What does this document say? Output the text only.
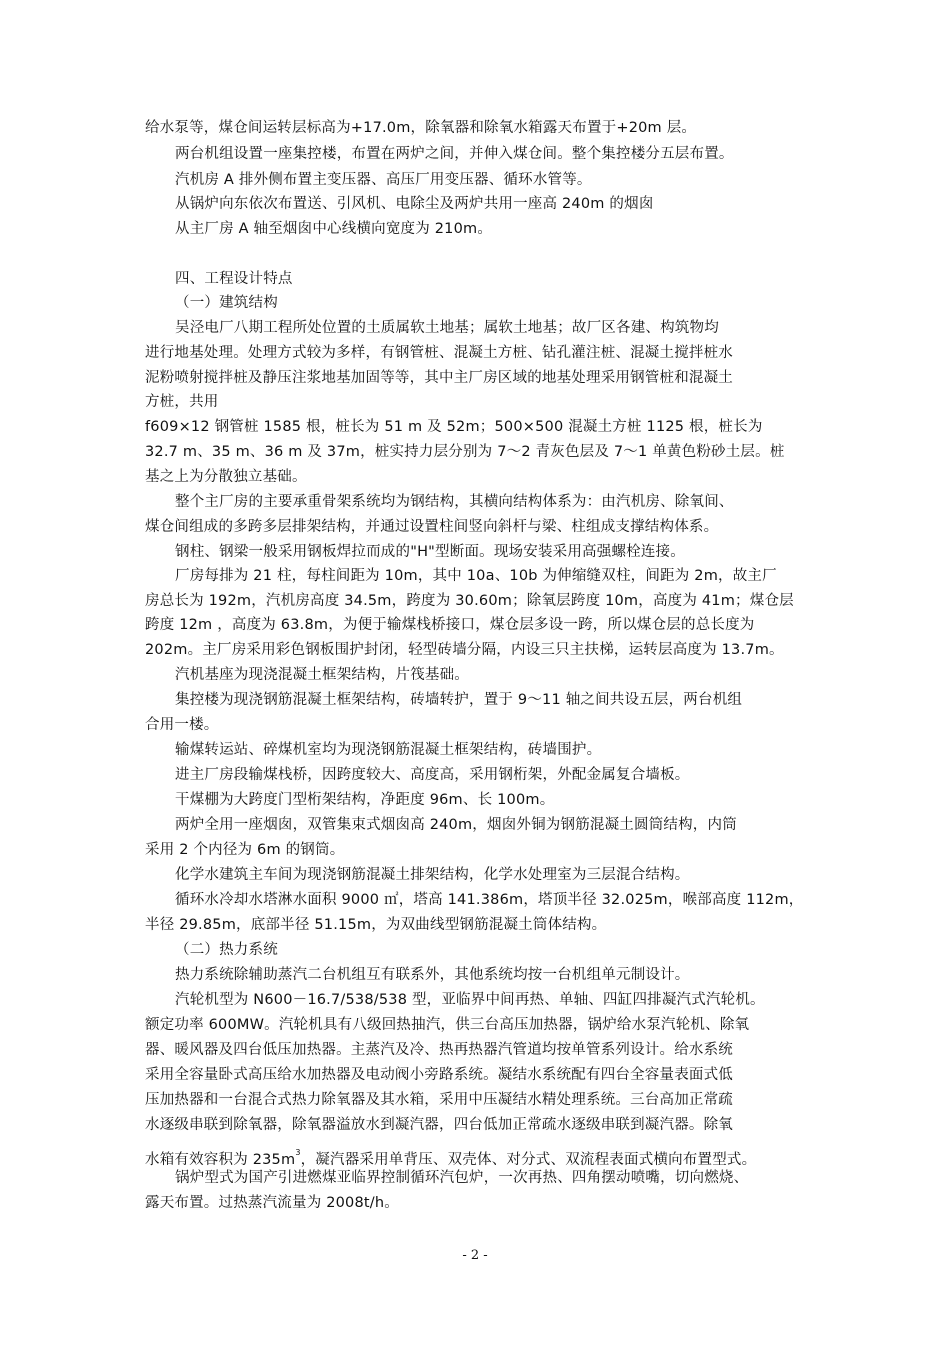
给水泵等，煤仓间运转层标高为+17.0m，除氧器和除氧水箱露天布置于+20m 层。
两台机组设置一座集控楼，布置在两炉之间，并伸入煤仓间。整个集控楼分五层布置。
汽机房 A 排外侧布置主变压器、高压厂用变压器、循环水管等。
从锅炉向东依次布置送、引风机、电除尘及两炉共用一座高 240m 的烟囱
从主厂房 A 轴至烟囱中心线横向宽度为 210m。
四、工程设计特点
（一）建筑结构
吴泾电厂八期工程所处位置的土质属软土地基；属软土地基；故厂区各建、构筑物均
进行地基处理。处理方式较为多样，有钢管桩、混凝土方桩、钻孔灌注桩、混凝土搅拌桩水
泥粉喷射搅拌桩及静压注浆地基加固等等，其中主厂房区域的地基处理采用钢管桩和混凝土
方桩，共用
f609×12 钢管桩 1585 根，桩长为 51 m 及 52m；500×500 混凝土方桩 1125 根，桩长为
32.7 m、35 m、36 m 及 37m，桩实持力层分别为 7～2 青灰色层及 7～1 单黄色粉砂土层。桩
基之上为分散独立基础。
整个主厂房的主要承重骨架系统均为钢结构，其横向结构体系为：由汽机房、除氧间、
煤仓间组成的多跨多层排架结构，并通过设置柱间竖向斜杆与梁、柱组成支撑结构体系。
钢柱、钢梁一般采用钢板焊拉而成的"H"型断面。现场安装采用高强螺栓连接。
厂房每排为 21 柱，每柱间距为 10m，其中 10a、10b 为伸缩缝双柱，间距为 2m，故主厂
房总长为 192m，汽机房高度 34.5m，跨度为 30.60m；除氧层跨度 10m，高度为 41m；煤仓层
跨度 12m ，高度为 63.8m，为便于输煤栈桥接口，煤仓层多设一跨，所以煤仓层的总长度为
202m。主厂房采用彩色钢板围护封闭，轻型砖墙分隔，内设三只主扶梯，运转层高度为 13.7m。
汽机基座为现浇混凝土框架结构，片筏基础。
集控楼为现浇钢筋混凝土框架结构，砖墙转护，置于 9～11 轴之间共设五层，两台机组
合用一楼。
输煤转运站、碎煤机室均为现浇钢筋混凝土框架结构，砖墙围护。
进主厂房段输煤栈桥，因跨度较大、高度高，采用钢桁架，外配金属复合墙板。
干煤棚为大跨度门型桁架结构，净距度 96m、长 100m。
两炉全用一座烟囱，双管集束式烟囱高 240m，烟囱外铜为钢筋混凝土圆筒结构，内筒
采用 2 个内径为 6m 的钢筒。
化学水建筑主车间为现浇钢筋混凝土排架结构，化学水处理室为三层混合结构。
循环水冷却水塔淋水面积 9000 ㎡，塔高 141.386m，塔顶半径 32.025m，喉部高度 112m，
半径 29.85m，底部半径 51.15m，为双曲线型钢筋混凝土筒体结构。
（二）热力系统
热力系统除辅助蒸汽二台机组互有联系外，其他系统均按一台机组单元制设计。
汽轮机型为 N600－16.7/538/538 型，亚临界中间再热、单轴、四缸四排凝汽式汽轮机。
额定功率 600MW。汽轮机具有八级回热抽汽，供三台高压加热器，锅炉给水泵汽轮机、除氧
器、暖风器及四台低压加热器。主蒸汽及冷、热再热器汽管道均按单管系列设计。给水系统
采用全容量卧式高压给水加热器及电动阀小旁路系统。凝结水系统配有四台全容量表面式低
压加热器和一台混合式热力除氧器及其水箱，采用中压凝结水精处理系统。三台高加正常疏
水逐级串联到除氧器，除氧器溢放水到凝汽器，四台低加正常疏水逐级串联到凝汽器。除氧
水箱有效容积为 $235m^3$，凝汽器采用单背压、双壳体、对分式、双流程表面式横向布置型式。
锅炉型式为国产引进燃煤亚临界控制循环汽包炉，一次再热、四角摆动喷嘴，切向燃烧、
露天布置。过热蒸汽流量为 2008t/h。
- 2 -
